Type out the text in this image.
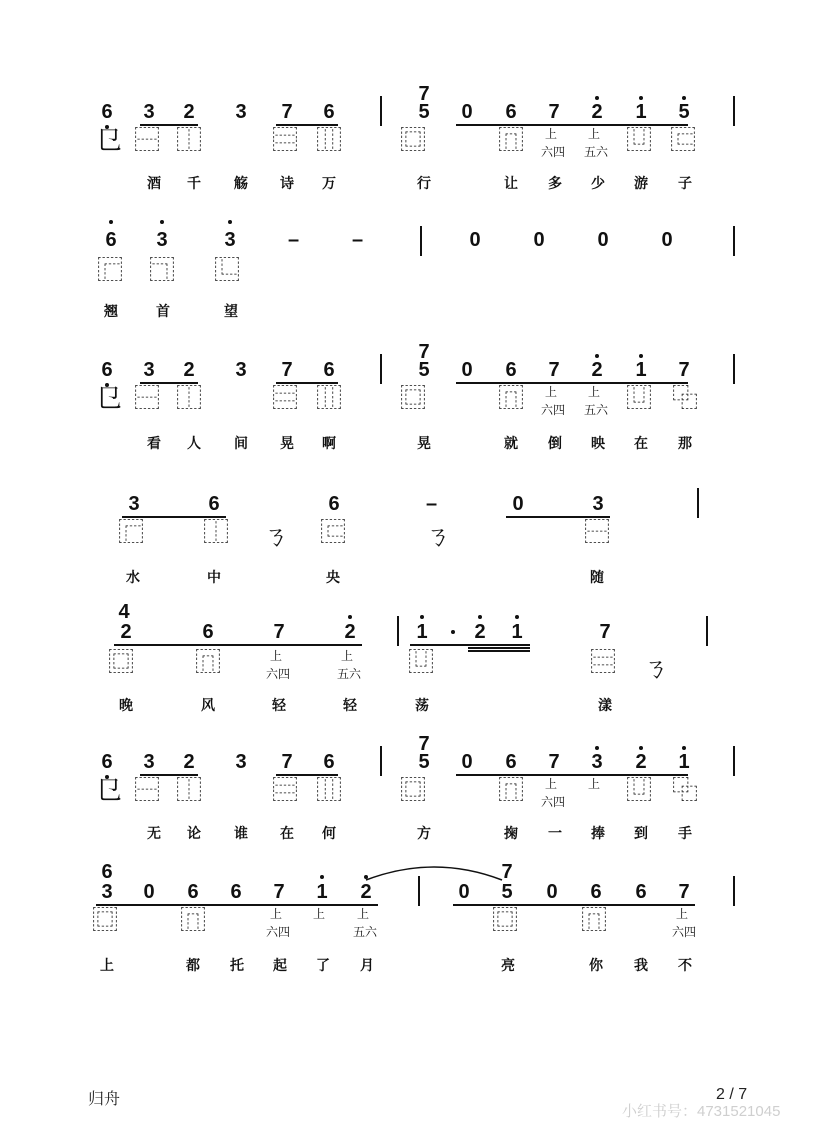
6 3 2 3 7 6
7
5 0 6 7 2 1 5
㔾 ⿱ ⿰	⿳ ⿲ ⿴	⿵ 上
六四
上
五六 ⿶ ⿷
酒 千 觞 诗 万	行	让 多 少 游 子
6 3	3	–	–	0	0	0	0
⿸ ⿹ ⿺
翘	首	望
6 3 2 3 7 6
7
5 0 6 7 2 1 7
㔾 ⿱ ⿰	⿳ ⿲ ⿴	⿵ 上
六四
上
五六 ⿶ ⿻
看 人 间 晃 啊	晃	就 倒 映 在 那
3	6	6	–	0	3
⿸ ⿰ ㄋ ⿷	ㄋ	⿱
水	中	央	随
4
2	6	7	2	1 2 1	7
⿴ ⿵	上
六四
上
五六 ⿶	⿳ ㄋ
晚	风	轻	轻	荡	漾
6 3 2 3 7 6
7
5 0 6 7 3 2 1
㔾 ⿱ ⿰	⿳ ⿲ ⿴	⿵ 上
六四
上 ⿶ ⿻
无 论 谁 在 何	方	掬 一 捧 到 手
6
3 0 6 6 7 1 2	0
7
5 0 6 6 7
⿴ ⿵	上
六四
上	上
五六	⿴ ⿵	上
六四
上	都 托 起 了 月	亮	你 我 不
归舟	2 / 7
小红书号：4731521045
